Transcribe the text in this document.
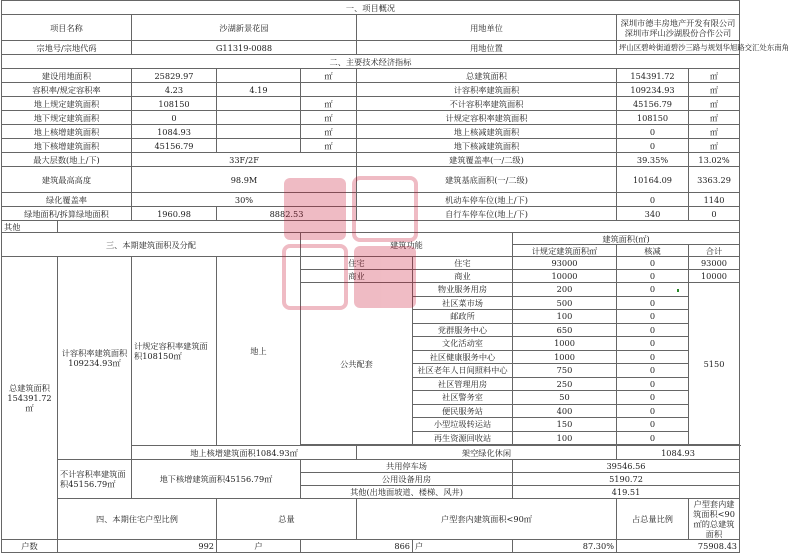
一、项目概况									
项目名称		沙湖新景花园			用地单位			深圳市德丰房地产开发有限公司
深圳市坪山沙湖股份合作公司	

宗地号/宗地代码		G11319-0088			用地位置			坪山区碧岭街道碧沙三路与规划华旭路交汇处东南角	
二、主要技术经济指标									
建设用地面积		25829.97		㎡	总建筑面积			154391.72	㎡
容积率/规定容积率		4.23	4.19		计容积率建筑面积			109234.93	㎡
地上规定建筑面积		108150		㎡	不计容积率建筑面积			45156.79	㎡
地下规定建筑面积		0		㎡	计规定容积率建筑面积			108150	㎡
地上核增建筑面积		1084.93		㎡	地上核减建筑面积			0	㎡
地下核增建筑面积		45156.79		㎡	地下核减建筑面积			0	㎡
最大层数(地上/下)		33F/2F			建筑覆盖率(一/二级)			39.35%	13.02%
建筑最高高度		98.9M			建筑基底面积(一/二级)			10164.09	3363.29
绿化覆盖率		30%			机动车停车位(地上/下)			0	1140
绿地面积/拆算绿地面积		1960.98	8882.53		自行车停车位(地上/下)			340	0
其他									
三、本期建筑面积及分配				建筑功能			建筑面积(㎡)		
							计规定建筑面积㎡	核减	合计
总建筑面积154391.72㎡	计容积率建筑面积109234.93㎡	计规定容积率建筑面积108150㎡	地上	住宅		住宅	93000	0	93000
				商业		商业	10000	0	10000
				公共配套		物业服务用房	200	0	5150
						社区菜市场	500	0	
						邮政所	100	0	
						党群服务中心	650	0	
						文化活动室	1000	0	
						社区健康服务中心	1000	0	
						社区老年人日间照料中心	750	0	
						社区管理用房	250	0	
						社区警务室	50	0	
						便民服务站	400	0	
						小型垃圾转运站	150	0	
						再生资源回收站	100	0	

		地上核增建筑面积1084.93㎡			架空绿化休闲			1084.93	
	不计容积率建筑面积45156.79㎡	地下核增建筑面积45156.79㎡		共用停车场			39546.56		
				公用设备用房			5190.72		
				其他(出地面坡道、楼梯、风井)			419.51		
	四、本期住宅户型比例		总量		户型套内建筑面积<90㎡			占总量比例	户型套内建筑面积<90㎡的总建筑面积
户数	992		户	866		户	87.30%	75908.43	
